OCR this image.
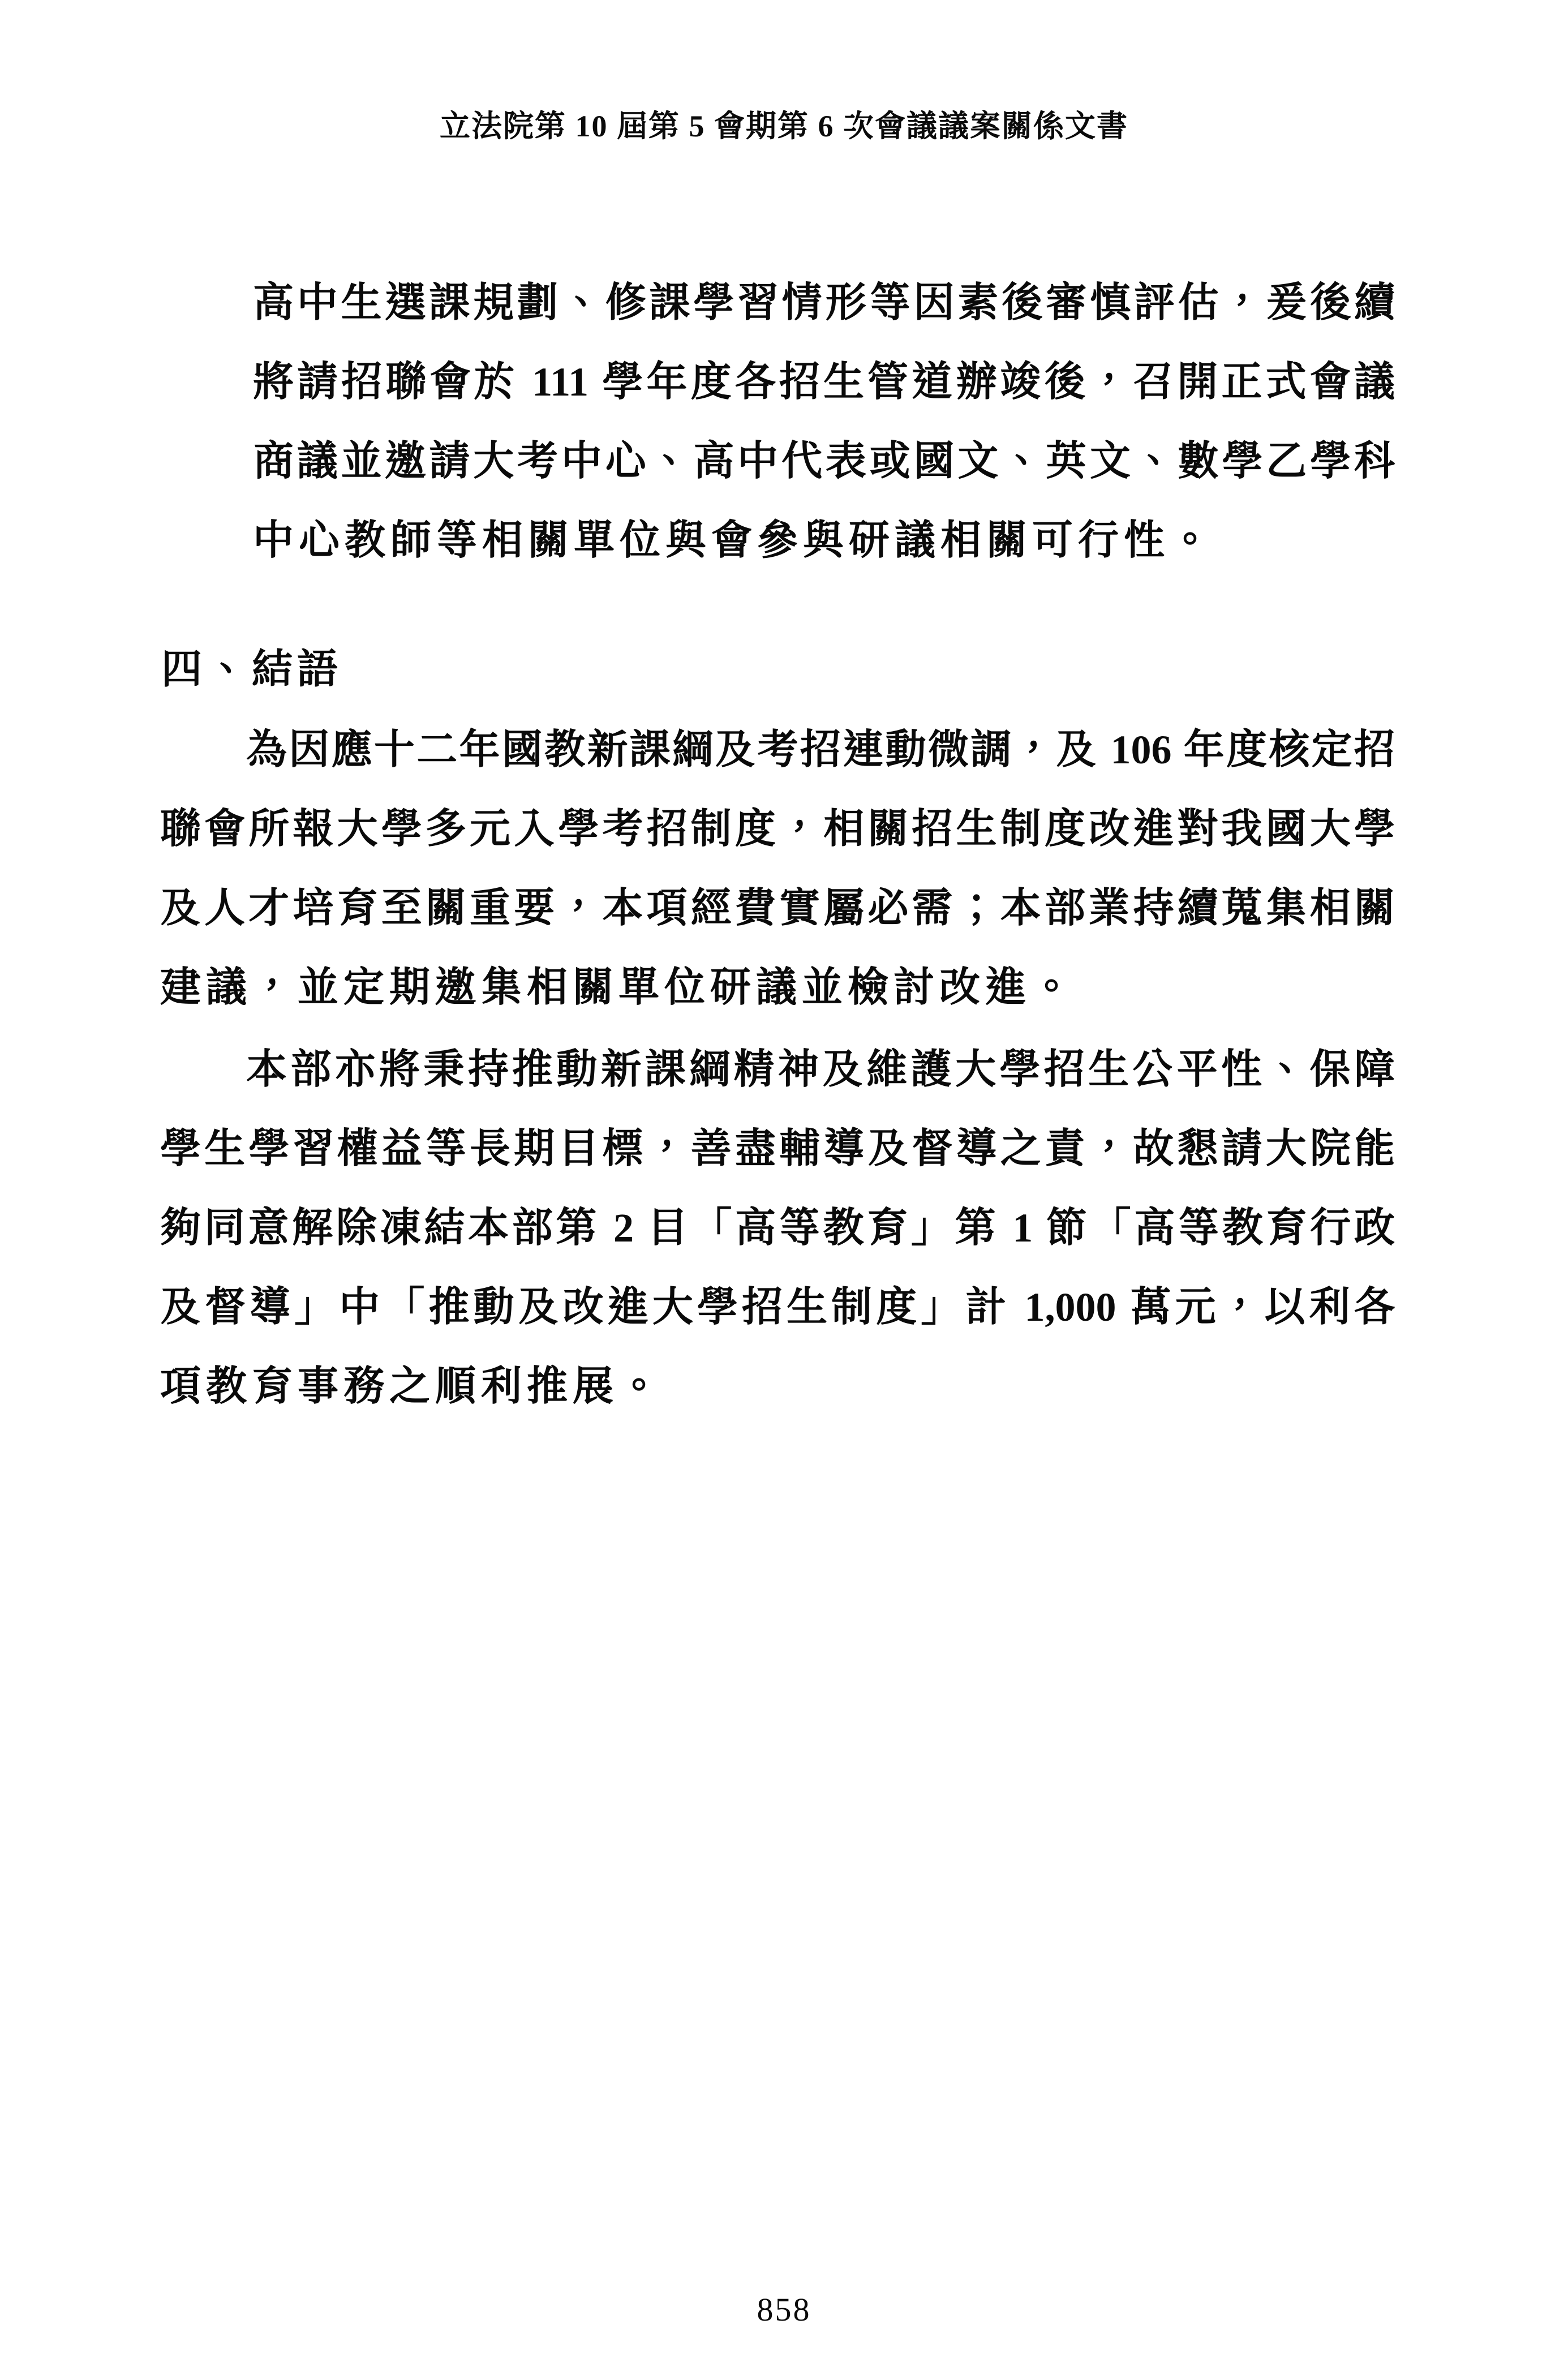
立法院第 10 屆第 5 會期第 6 次會議議案關係文書
高中生選課規劃、修課學習情形等因素後審慎評估，爰後續
將請招聯會於 111 學年度各招生管道辦竣後，召開正式會議
商議並邀請大考中心、高中代表或國文、英文、數學乙學科
中心教師等相關單位與會參與研議相關可行性。
四、結語
為因應十二年國教新課綱及考招連動微調，及 106 年度核定招
聯會所報大學多元入學考招制度，相關招生制度改進對我國大學
及人才培育至關重要，本項經費實屬必需；本部業持續蒐集相關
建議，並定期邀集相關單位研議並檢討改進。
本部亦將秉持推動新課綱精神及維護大學招生公平性、保障
學生學習權益等長期目標，善盡輔導及督導之責，故懇請大院能
夠同意解除凍結本部第 2 目「高等教育」第 1 節「高等教育行政
及督導」中「推動及改進大學招生制度」計 1,000 萬元，以利各
項教育事務之順利推展。
858
